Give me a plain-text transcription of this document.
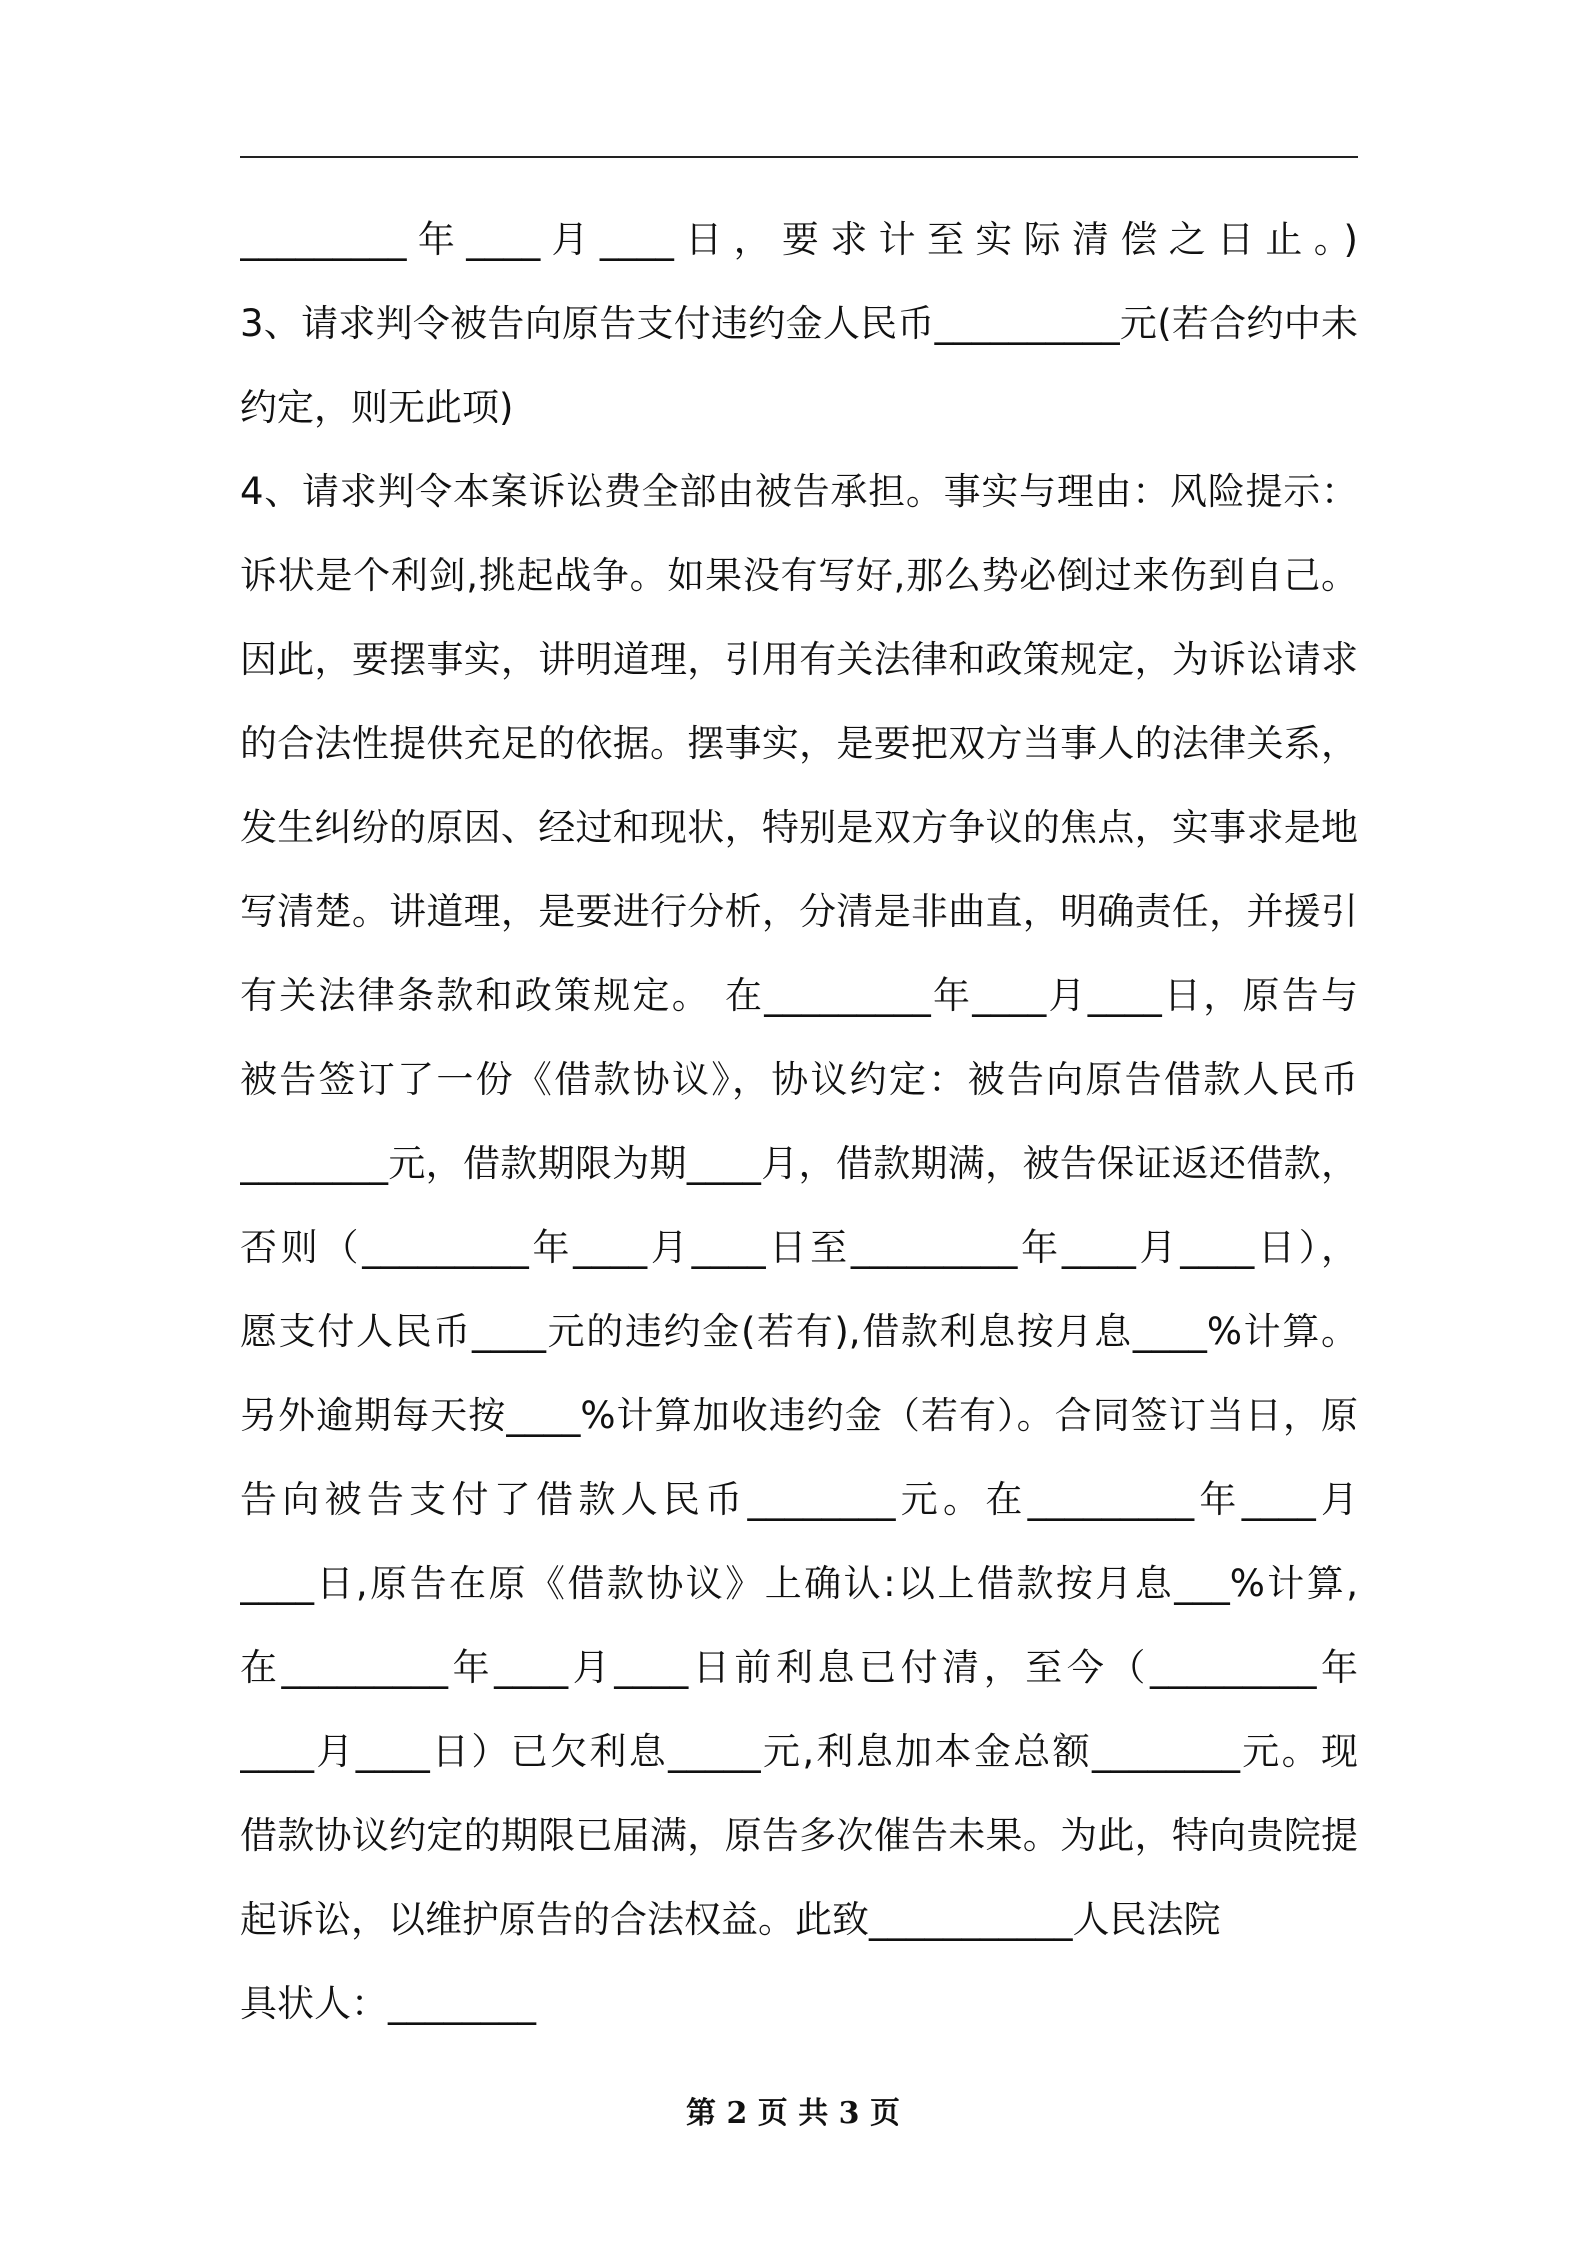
_________年____月____日，要求计至实际清偿之日止。)
3、请求判令被告向原告支付违约金人民币__________元(若合约中未
约定，则无此项)
4、请求判令本案诉讼费全部由被告承担。事实与理由：风险提示：
诉状是个利剑,挑起战争。如果没有写好,那么势必倒过来伤到自己。
因此，要摆事实，讲明道理，引用有关法律和政策规定，为诉讼请求
的合法性提供充足的依据。摆事实，是要把双方当事人的法律关系，
发生纠纷的原因、经过和现状，特别是双方争议的焦点，实事求是地
写清楚。讲道理，是要进行分析，分清是非曲直，明确责任，并援引
有关法律条款和政策规定。 在_________年____月____日，原告与
被告签订了一份《借款协议》，协议约定：被告向原告借款人民币
________元，借款期限为期____月，借款期满，被告保证返还借款，
否则（_________年____月____日至_________年____月____日），
愿支付人民币____元的违约金(若有),借款利息按月息____%计算。
另外逾期每天按____%计算加收违约金（若有）。合同签订当日，原
告向被告支付了借款人民币________元。在_________年____月
____日,原告在原《借款协议》上确认:以上借款按月息___%计算,
在_________年____月____日前利息已付清，至今（_________年
____月____日）已欠利息_____元,利息加本金总额________元。现
借款协议约定的期限已届满，原告多次催告未果。为此，特向贵院提
起诉讼，以维护原告的合法权益。此致___________人民法院
具状人：________
第 2 页 共 3 页
